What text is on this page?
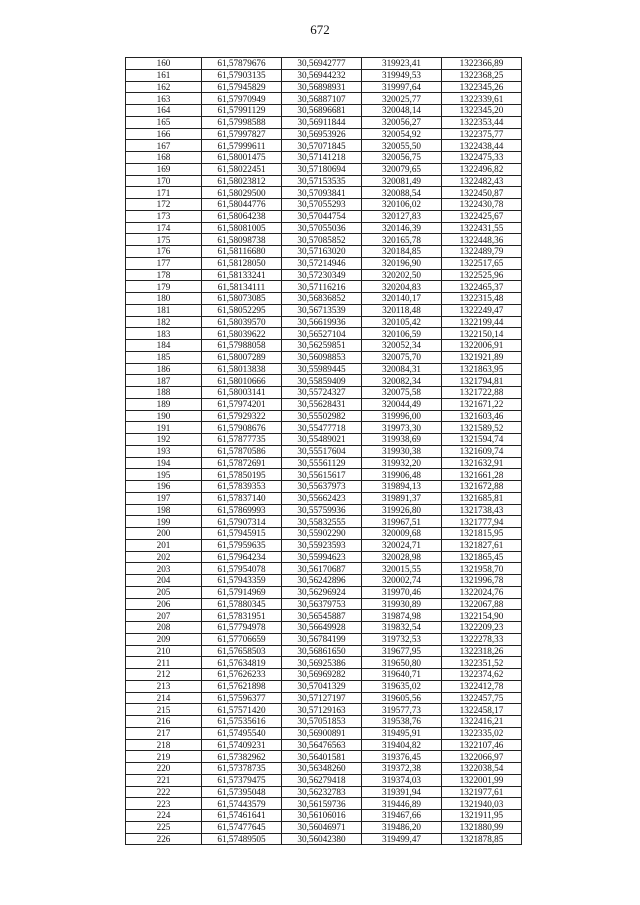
672
160	61,57879676	30,56942777	319923,41	1322366,89
161	61,57903135	30,56944232	319949,53	1322368,25
162	61,57945829	30,56898931	319997,64	1322345,26
163	61,57970949	30,56887107	320025,77	1322339,61
164	61,57991129	30,56896681	320048,14	1322345,20
165	61,57998588	30,56911844	320056,27	1322353,44
166	61,57997827	30,56953926	320054,92	1322375,77
167	61,57999611	30,57071845	320055,50	1322438,44
168	61,58001475	30,57141218	320056,75	1322475,33
169	61,58022451	30,57180694	320079,65	1322496,82
170	61,58023812	30,57153535	320081,49	1322482,43
171	61,58029500	30,57093841	320088,54	1322450,87
172	61,58044776	30,57055293	320106,02	1322430,78
173	61,58064238	30,57044754	320127,83	1322425,67
174	61,58081005	30,57055036	320146,39	1322431,55
175	61,58098738	30,57085852	320165,78	1322448,36
176	61,58116680	30,57163020	320184,85	1322489,79
177	61,58128050	30,57214946	320196,90	1322517,65
178	61,58133241	30,57230349	320202,50	1322525,96
179	61,58134111	30,57116216	320204,83	1322465,37
180	61,58073085	30,56836852	320140,17	1322315,48
181	61,58052295	30,56713539	320118,48	1322249,47
182	61,58039570	30,56619936	320105,42	1322199,44
183	61,58039622	30,56527104	320106,59	1322150,14
184	61,57988058	30,56259851	320052,34	1322006,91
185	61,58007289	30,56098853	320075,70	1321921,89
186	61,58013838	30,55989445	320084,31	1321863,95
187	61,58010666	30,55859409	320082,34	1321794,81
188	61,58003141	30,55724327	320075,58	1321722,88
189	61,57974201	30,55628431	320044,49	1321671,22
190	61,57929322	30,55502982	319996,00	1321603,46
191	61,57908676	30,55477718	319973,30	1321589,52
192	61,57877735	30,55489021	319938,69	1321594,74
193	61,57870586	30,55517604	319930,38	1321609,74
194	61,57872691	30,55561129	319932,20	1321632,91
195	61,57850195	30,55615617	319906,48	1321661,28
196	61,57839353	30,55637973	319894,13	1321672,88
197	61,57837140	30,55662423	319891,37	1321685,81
198	61,57869993	30,55759936	319926,80	1321738,43
199	61,57907314	30,55832555	319967,51	1321777,94
200	61,57945915	30,55902290	320009,68	1321815,95
201	61,57959635	30,55923593	320024,71	1321827,61
202	61,57964234	30,55994623	320028,98	1321865,45
203	61,57954078	30,56170687	320015,55	1321958,70
204	61,57943359	30,56242896	320002,74	1321996,78
205	61,57914969	30,56296924	319970,46	1322024,76
206	61,57880345	30,56379753	319930,89	1322067,88
207	61,57831951	30,56545887	319874,98	1322154,90
208	61,57794978	30,56649928	319832,54	1322209,23
209	61,57706659	30,56784199	319732,53	1322278,33
210	61,57658503	30,56861650	319677,95	1322318,26
211	61,57634819	30,56925386	319650,80	1322351,52
212	61,57626233	30,56969282	319640,71	1322374,62
213	61,57621898	30,57041329	319635,02	1322412,78
214	61,57596377	30,57127197	319605,56	1322457,75
215	61,57571420	30,57129163	319577,73	1322458,17
216	61,57535616	30,57051853	319538,76	1322416,21
217	61,57495540	30,56900891	319495,91	1322335,02
218	61,57409231	30,56476563	319404,82	1322107,46
219	61,57382962	30,56401581	319376,45	1322066,97
220	61,57378735	30,56348260	319372,38	1322038,54
221	61,57379475	30,56279418	319374,03	1322001,99
222	61,57395048	30,56232783	319391,94	1321977,61
223	61,57443579	30,56159736	319446,89	1321940,03
224	61,57461641	30,56106016	319467,66	1321911,95
225	61,57477645	30,56046971	319486,20	1321880,99
226	61,57489505	30,56042380	319499,47	1321878,85
